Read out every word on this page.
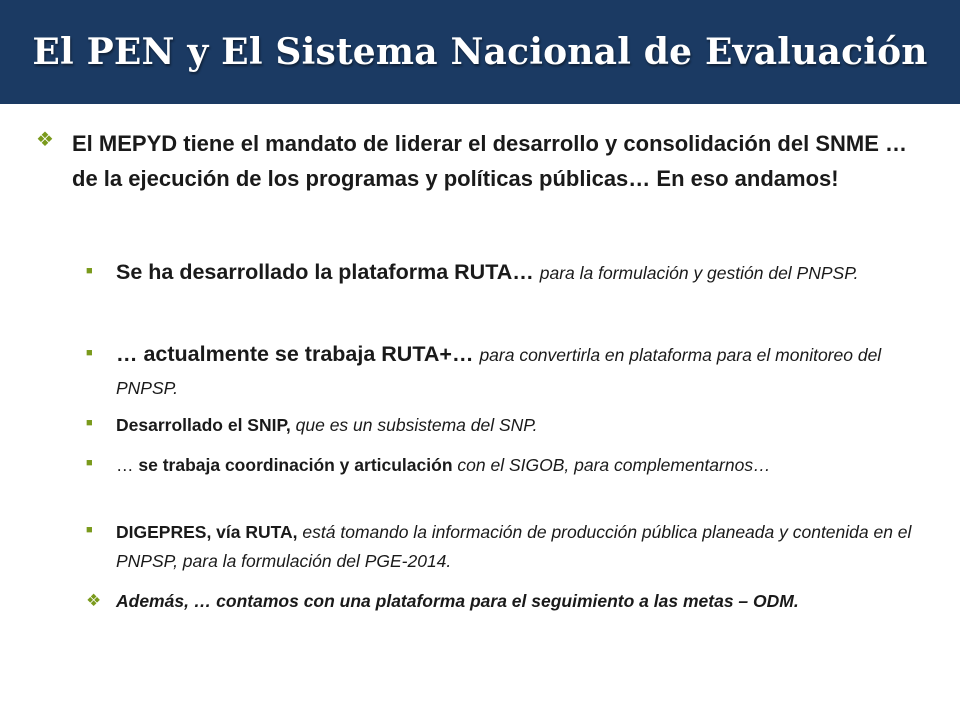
El PEN y El Sistema Nacional de Evaluación
❖ El MEPYD tiene el mandato de liderar el desarrollo y consolidación del SNME … de la ejecución de los programas y políticas públicas… En eso andamos!
■ Se ha desarrollado la plataforma RUTA… para la formulación y gestión del PNPSP.
■ … actualmente se trabaja RUTA+… para convertirla en plataforma para el monitoreo del PNPSP.
■ Desarrollado el SNIP, que es un subsistema del SNP.
■ … se trabaja coordinación y articulación con el SIGOB, para complementarnos…
■ DIGEPRES, vía RUTA, está tomando la información de producción pública planeada y contenida en el PNPSP, para la formulación del PGE-2014.
❖ Además, … contamos con una plataforma para el seguimiento a las metas – ODM.
